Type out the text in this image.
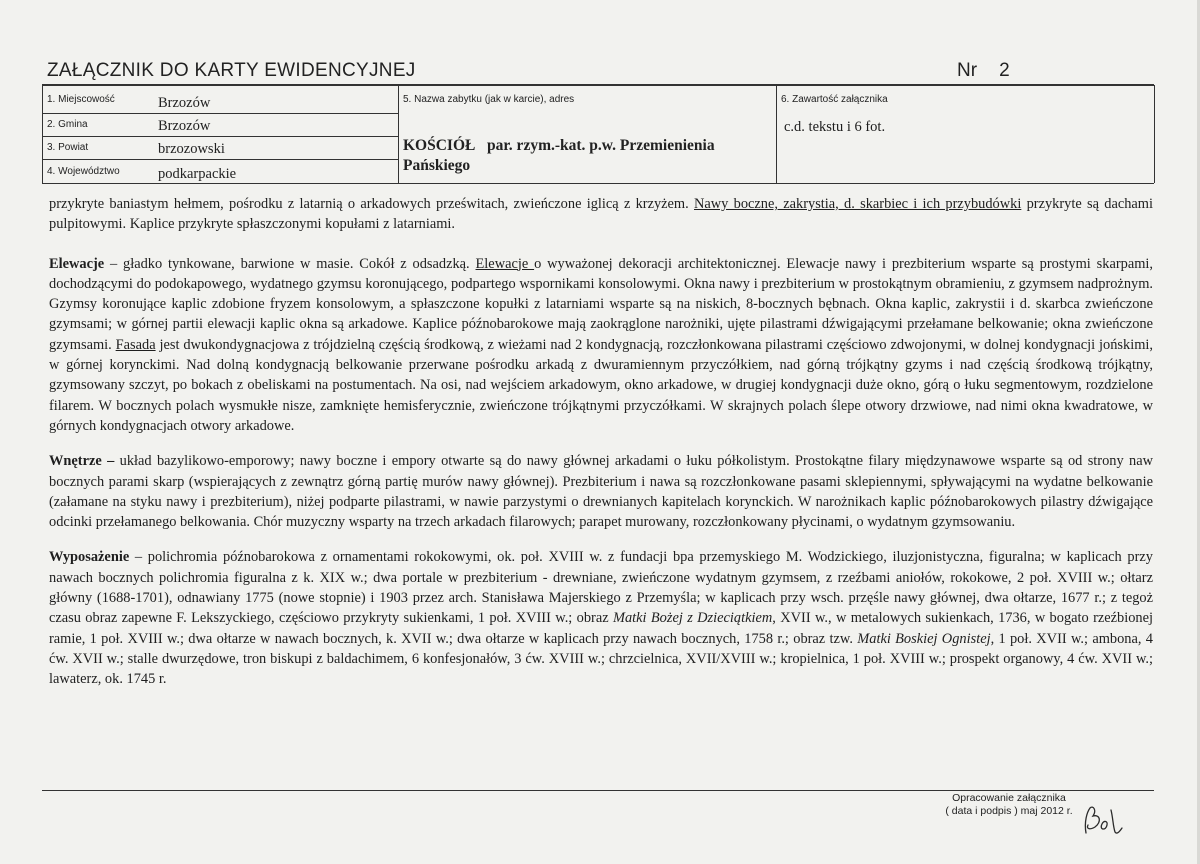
ZAŁĄCZNIK DO KARTY EWIDENCYJNEJ	Nr 2
1. Miejscowość	Brzozów
2. Gmina	Brzozów
3. Powiat	brzozowski
4. Województwo	podkarpackie
5. Nazwa zabytku (jak w karcie), adres
KOŚCIÓŁ par. rzym.-kat. p.w. Przemienienia Pańskiego
6. Zawartość załącznika
c.d. tekstu i 6 fot.

przykryte baniastym hełmem, pośrodku z latarnią o arkadowych prześwitach, zwieńczone iglicą z krzyżem. Nawy boczne, zakrystia, d. skarbiec i ich przybudówki przykryte są dachami pulpitowymi. Kaplice przykryte spłaszczonymi kopułami z latarniami.

Elewacje – gładko tynkowane, barwione w masie. Cokół z odsadzką. Elewacje o wyważonej dekoracji architektonicznej. Elewacje nawy i prezbiterium wsparte są prostymi skarpami, dochodzącymi do podokapowego, wydatnego gzymsu koronującego, podpartego wspornikami konsolowymi. Okna nawy i prezbiterium w prostokątnym obramieniu, z gzymsem nadprożnym. Gzymsy koronujące kaplic zdobione fryzem konsolowym, a spłaszczone kopułki z latarniami wsparte są na niskich, 8-bocznych bębnach. Okna kaplic, zakrystii i d. skarbca zwieńczone gzymsami; w górnej partii elewacji kaplic okna są arkadowe. Kaplice późnobarokowe mają zaokrąglone narożniki, ujęte pilastrami dźwigającymi przełamane belkowanie; okna zwieńczone gzymsami. Fasada jest dwukondygnacjowa z trójdzielną częścią środkową, z wieżami nad 2 kondygnacją, rozczłonkowana pilastrami częściowo zdwojonymi, w dolnej kondygnacji jońskimi, w górnej korynckimi. Nad dolną kondygnacją belkowanie przerwane pośrodku arkadą z dwuramiennym przyczółkiem, nad górną trójkątny gzyms i nad częścią środkową trójkątny, gzymsowany szczyt, po bokach z obeliskami na postumentach. Na osi, nad wejściem arkadowym, okno arkadowe, w drugiej kondygnacji duże okno, górą o łuku segmentowym, rozdzielone filarem. W bocznych polach wysmukłe nisze, zamknięte hemisferycznie, zwieńczone trójkątnymi przyczółkami. W skrajnych polach ślepe otwory drzwiowe, nad nimi okna kwadratowe, w górnych kondygnacjach otwory arkadowe.

Wnętrze – układ bazylikowo-emporowy; nawy boczne i empory otwarte są do nawy głównej arkadami o łuku półkolistym. Prostokątne filary międzynawowe wsparte są od strony naw bocznych parami skarp (wspierających z zewnątrz górną partię murów nawy głównej). Prezbiterium i nawa są rozczłonkowane pasami sklepiennymi, spływającymi na wydatne belkowanie (załamane na styku nawy i prezbiterium), niżej podparte pilastrami, w nawie parzystymi o drewnianych kapitelach korynckich. W narożnikach kaplic późnobarokowych pilastry dźwigające odcinki przełamanego belkowania. Chór muzyczny wsparty na trzech arkadach filarowych; parapet murowany, rozczłonkowany płycinami, o wydatnym gzymsowaniu.

Wyposażenie – polichromia późnobarokowa z ornamentami rokokowymi, ok. poł. XVIII w. z fundacji bpa przemyskiego M. Wodzickiego, iluzjonistyczna, figuralna; w kaplicach przy nawach bocznych polichromia figuralna z k. XIX w.; dwa portale w prezbiterium - drewniane, zwieńczone wydatnym gzymsem, z rzeźbami aniołów, rokokowe, 2 poł. XVIII w.; ołtarz główny (1688-1701), odnawiany 1775 (nowe stopnie) i 1903 przez arch. Stanisława Majerskiego z Przemyśla; w kaplicach przy wsch. przęśle nawy głównej, dwa ołtarze, 1677 r.; z tegoż czasu obraz zapewne F. Lekszyckiego, częściowo przykryty sukienkami, 1 poł. XVIII w.; obraz Matki Bożej z Dzieciątkiem, XVII w., w metalowych sukienkach, 1736, w bogato rzeźbionej ramie, 1 poł. XVIII w.; dwa ołtarze w nawach bocznych, k. XVII w.; dwa ołtarze w kaplicach przy nawach bocznych, 1758 r.; obraz tzw. Matki Boskiej Ognistej, 1 poł. XVII w.; ambona, 4 ćw. XVII w.; stalle dwurzędowe, tron biskupi z baldachimem, 6 konfesjonałów, 3 ćw. XVIII w.; chrzcielnica, XVII/XVIII w.; kropielnica, 1 poł. XVIII w.; prospekt organowy, 4 ćw. XVII w.; lawaterz, ok. 1745 r.

Opracowanie załącznika
( data i podpis ) maj 2012 r.
